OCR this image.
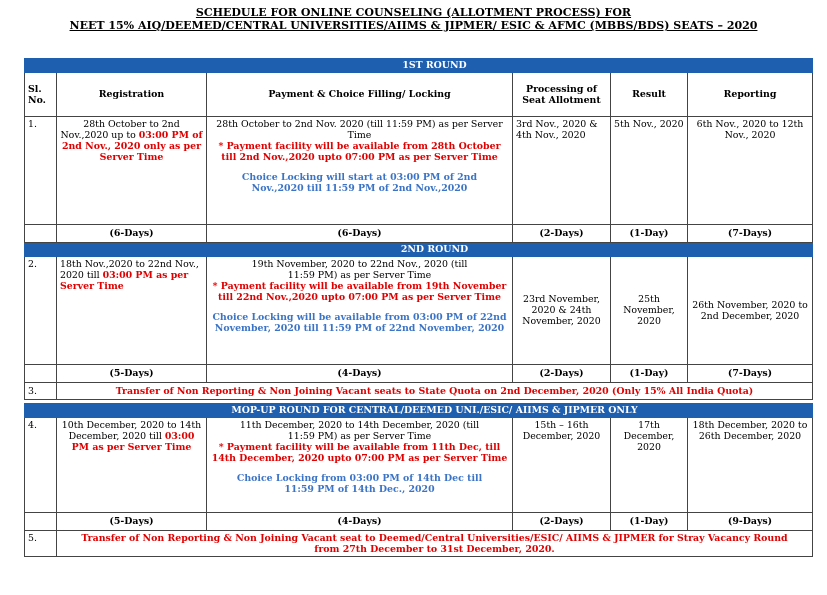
SCHEDULE FOR ONLINE COUNSELING (ALLOTMENT PROCESS) FOR
NEET 15% AIQ/DEEMED/CENTRAL UNIVERSITIES/AIIMS & JIPMER/ ESIC & AFMC (MBBS/BDS) SEATS – 2020
	1ST ROUND				
Sl. No.	Registration	Payment & Choice Filling/ Locking	Processing of Seat Allotment	Result	Reporting
1.	28th October to 2nd Nov.,2020 up to 03:00 PM of 2nd Nov., 2020 only as per Server Time	28th October to 2nd Nov. 2020 (till 11:59 PM) as per Server Time
* Payment facility will be available from 28th October till 2nd Nov.,2020 upto 07:00 PM as per Server Time
Choice Locking will start at 03:00 PM of 2nd Nov.,2020 till 11:59 PM of 2nd Nov.,2020	3rd Nov., 2020 & 4th Nov., 2020	5th Nov., 2020	6th Nov., 2020 to 12th Nov., 2020
	(6-Days)	(6-Days)	(2-Days)	(1-Day)	(7-Days)
	2ND ROUND				
2.	18th Nov.,2020 to 22nd Nov., 2020 till 03:00 PM as per Server Time	19th November, 2020 to 22nd Nov., 2020 (till 11:59 PM) as per Server Time
* Payment facility will be available from 19th November till 22nd Nov.,2020 upto 07:00 PM as per Server Time
Choice Locking will be available from 03:00 PM of 22nd November, 2020 till 11:59 PM of 22nd November, 2020	23rd November, 2020 & 24th November, 2020	25th November, 2020	26th November, 2020 to 2nd December, 2020
	(5-Days)	(4-Days)	(2-Days)	(1-Day)	(7-Days)
3.	Transfer of Non Reporting & Non Joining Vacant seats to State Quota on 2nd December, 2020 (Only 15% All India Quota)				

	MOP-UP ROUND FOR CENTRAL/DEEMED UNI./ESIC/ AIIMS & JIPMER ONLY				
4.	10th December, 2020 to 14th December, 2020 till 03:00 PM as per Server Time	11th December, 2020 to 14th December, 2020 (till 11:59 PM) as per Server Time
* Payment facility will be available from 11th Dec, till 14th December, 2020 upto 07:00 PM as per Server Time
Choice Locking from 03:00 PM of 14th Dec till 11:59 PM of 14th Dec., 2020	15th – 16th December, 2020	17th December, 2020	18th December, 2020 to 26th December, 2020
	(5-Days)	(4-Days)	(2-Days)	(1-Day)	(9-Days)
5.	Transfer of Non Reporting & Non Joining Vacant seat to Deemed/Central Universities/ESIC/ AIIMS & JIPMER for Stray Vacancy Round from 27th December to 31st December, 2020.				
